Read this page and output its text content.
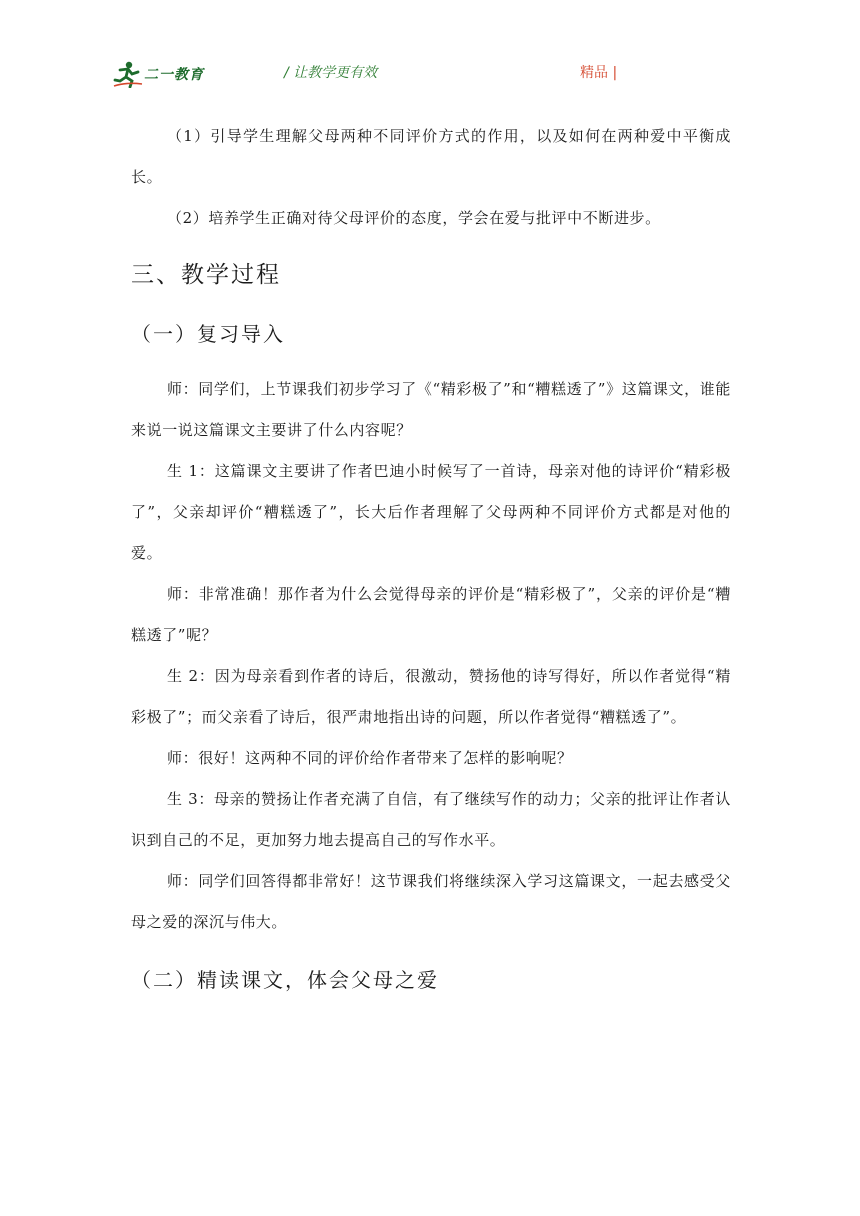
二一教育	/ 让教学更有效	精品 |

（1）引导学生理解父母两种不同评价方式的作用，以及如何在两种爱中平衡成长。

（2）培养学生正确对待父母评价的态度，学会在爱与批评中不断进步。

三、教学过程
（一）复习导入

师：同学们，上节课我们初步学习了《“精彩极了”和“糟糕透了”》这篇课文，谁能来说一说这篇课文主要讲了什么内容呢？

生 1：这篇课文主要讲了作者巴迪小时候写了一首诗，母亲对他的诗评价“精彩极了”，父亲却评价“糟糕透了”，长大后作者理解了父母两种不同评价方式都是对他的爱。

师：非常准确！那作者为什么会觉得母亲的评价是“精彩极了”，父亲的评价是“糟糕透了”呢？

生 2：因为母亲看到作者的诗后，很激动，赞扬他的诗写得好，所以作者觉得“精彩极了”；而父亲看了诗后，很严肃地指出诗的问题，所以作者觉得“糟糕透了”。

师：很好！这两种不同的评价给作者带来了怎样的影响呢？

生 3：母亲的赞扬让作者充满了自信，有了继续写作的动力；父亲的批评让作者认识到自己的不足，更加努力地去提高自己的写作水平。

师：同学们回答得都非常好！这节课我们将继续深入学习这篇课文，一起去感受父母之爱的深沉与伟大。

（二）精读课文，体会父母之爱
